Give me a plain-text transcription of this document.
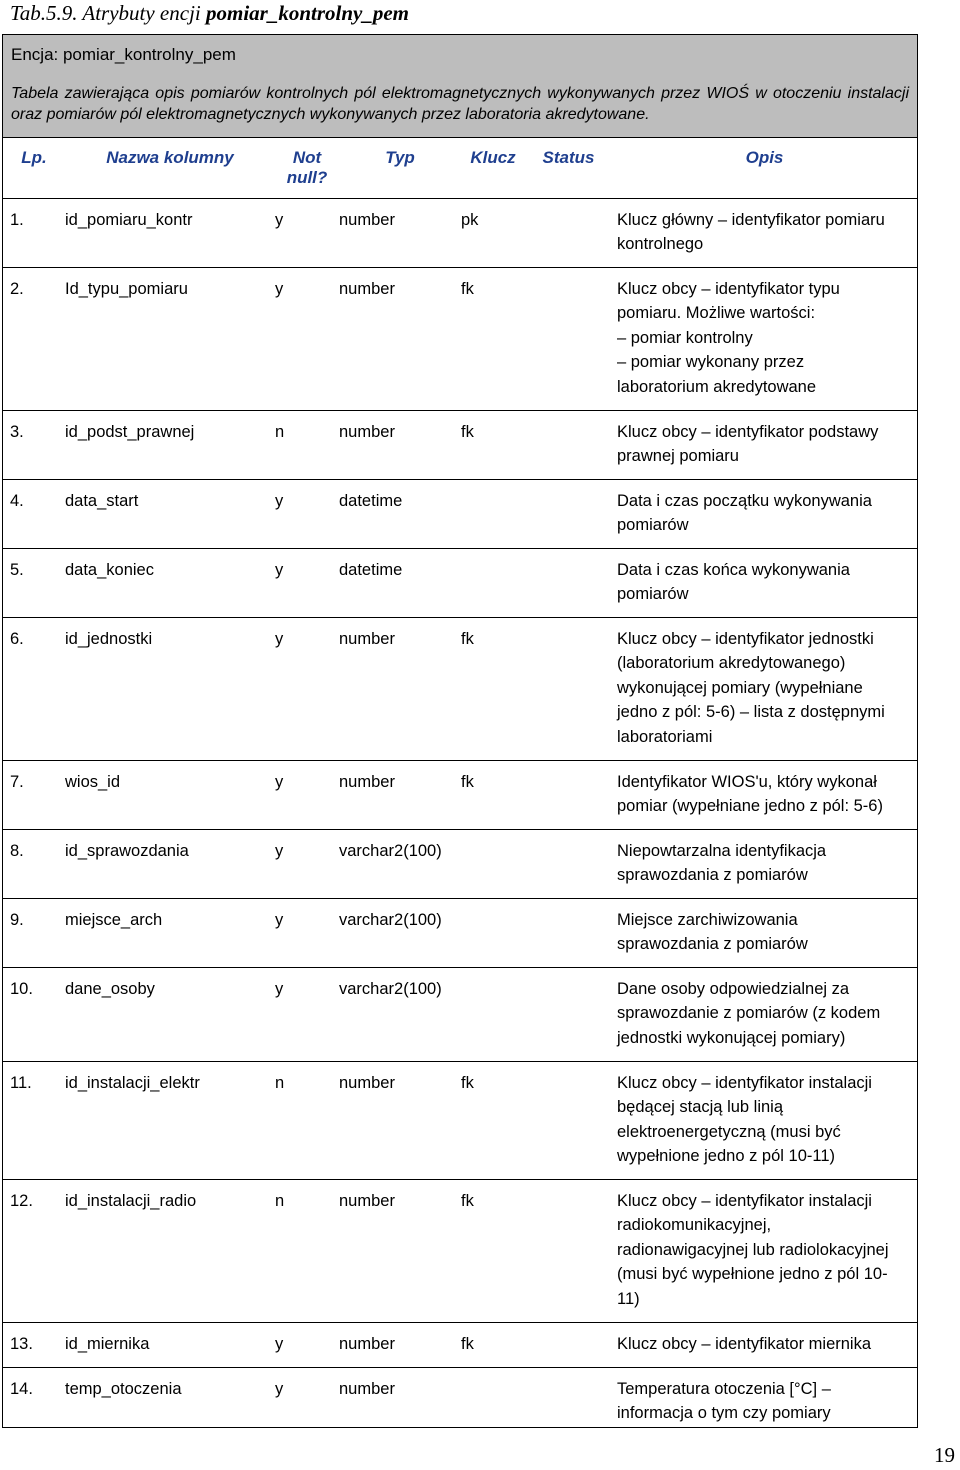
Tab.5.9. Atrybuty encji pomiar_kontrolny_pem
Encja: pomiar_kontrolny_pem
Tabela zawierająca opis pomiarów kontrolnych pól elektromagnetycznych wykonywanych przez WIOŚ w otoczeniu instalacji oraz pomiarów pól elektromagnetycznych wykonywanych przez laboratoria akredytowane.
Lp.	Nazwa kolumny	Not null?	Typ	Klucz	Status	Opis
1.	id_pomiaru_kontr	y	number	pk		Klucz główny – identyfikator pomiaru
kontrolnego

2.	Id_typu_pomiaru	y	number	fk		Klucz obcy – identyfikator typu
pomiaru. Możliwe wartości:
– pomiar kontrolny
– pomiar wykonany przez
laboratorium akredytowane

3.	id_podst_prawnej	n	number	fk		Klucz obcy – identyfikator podstawy
prawnej pomiaru

4.	data_start	y	datetime			Data i czas początku wykonywania
pomiarów

5.	data_koniec	y	datetime			Data i czas końca wykonywania
pomiarów

6.	id_jednostki	y	number	fk		Klucz obcy – identyfikator jednostki
(laboratorium akredytowanego)
wykonującej pomiary (wypełniane
jedno z pól: 5-6) – lista z dostępnymi
laboratoriami

7.	wios_id	y	number	fk		Identyfikator WIOS'u, który wykonał
pomiar (wypełniane jedno z pól: 5-6)

8.	id_sprawozdania	y	varchar2(100)			Niepowtarzalna identyfikacja
sprawozdania z pomiarów

9.	miejsce_arch	y	varchar2(100)			Miejsce zarchiwizowania
sprawozdania z pomiarów

10.	dane_osoby	y	varchar2(100)			Dane osoby odpowiedzialnej za
sprawozdanie z pomiarów (z kodem
jednostki wykonującej pomiary)

11.	id_instalacji_elektr	n	number	fk		Klucz obcy – identyfikator instalacji
będącej stacją lub linią
elektroenergetyczną (musi być
wypełnione jedno z pól 10-11)

12.	id_instalacji_radio	n	number	fk		Klucz obcy – identyfikator instalacji
radiokomunikacyjnej,
radionawigacyjnej lub radiolokacyjnej
(musi być wypełnione jedno z pól 10-
11)

13.	id_miernika	y	number	fk		Klucz obcy – identyfikator miernika

14.	temp_otoczenia	y	number			Temperatura otoczenia [°C] –
informacja o tym czy pomiary
19
